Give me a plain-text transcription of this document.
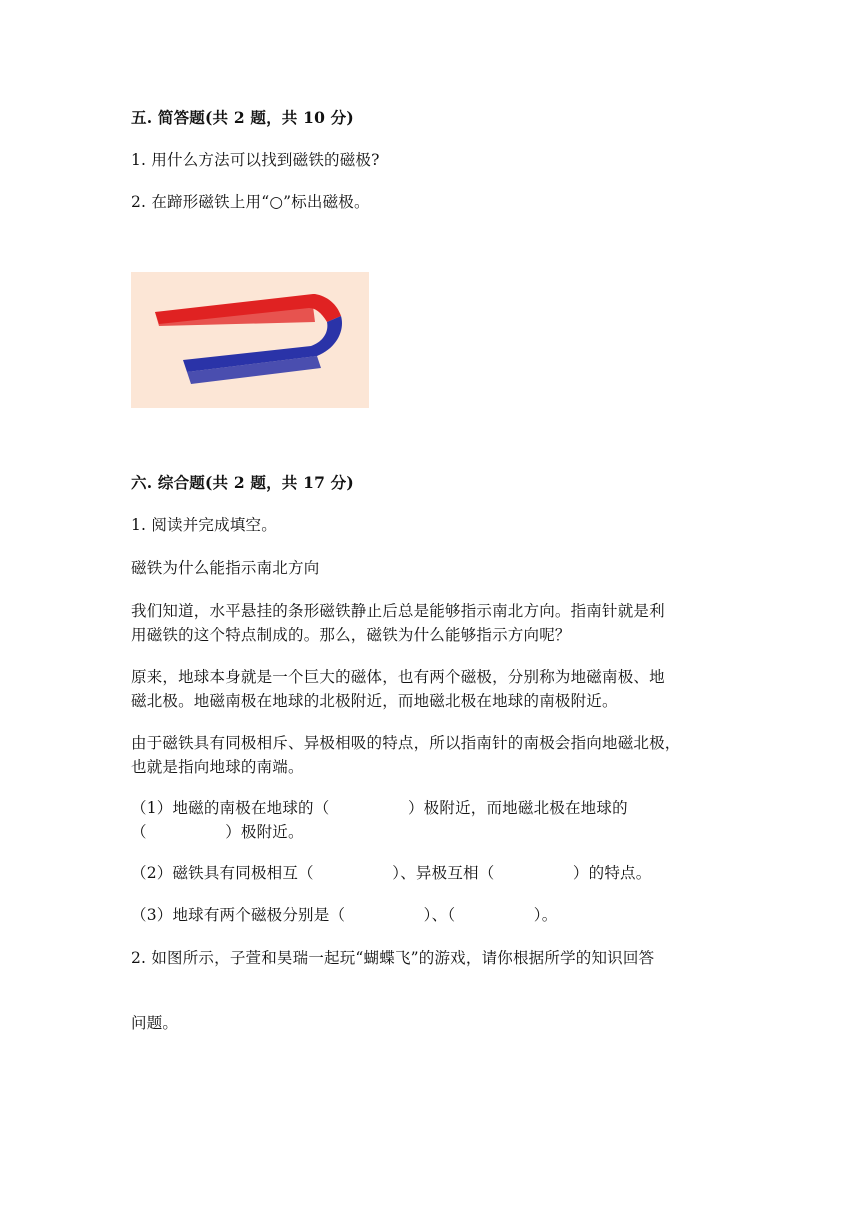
五. 简答题(共 2 题，共 10 分)
1. 用什么方法可以找到磁铁的磁极?
2. 在蹄形磁铁上用“○”标出磁极。
六. 综合题(共 2 题，共 17 分)
1. 阅读并完成填空。
磁铁为什么能指示南北方向
我们知道，水平悬挂的条形磁铁静止后总是能够指示南北方向。指南针就是利
用磁铁的这个特点制成的。那么，磁铁为什么能够指示方向呢？
原来，地球本身就是一个巨大的磁体，也有两个磁极，分别称为地磁南极、地
磁北极。地磁南极在地球的北极附近，而地磁北极在地球的南极附近。
由于磁铁具有同极相斥、异极相吸的特点，所以指南针的南极会指向地磁北极，
也就是指向地球的南端。
（1）地磁的南极在地球的（　　　　　）极附近，而地磁北极在地球的
（　　　　　）极附近。
（2）磁铁具有同极相互（　　　　　）、异极互相（　　　　　）的特点。
（3）地球有两个磁极分别是（　　　　　）、（　　　　　）。
2. 如图所示，子萱和昊瑞一起玩“蝴蝶飞”的游戏，请你根据所学的知识回答
问题。
